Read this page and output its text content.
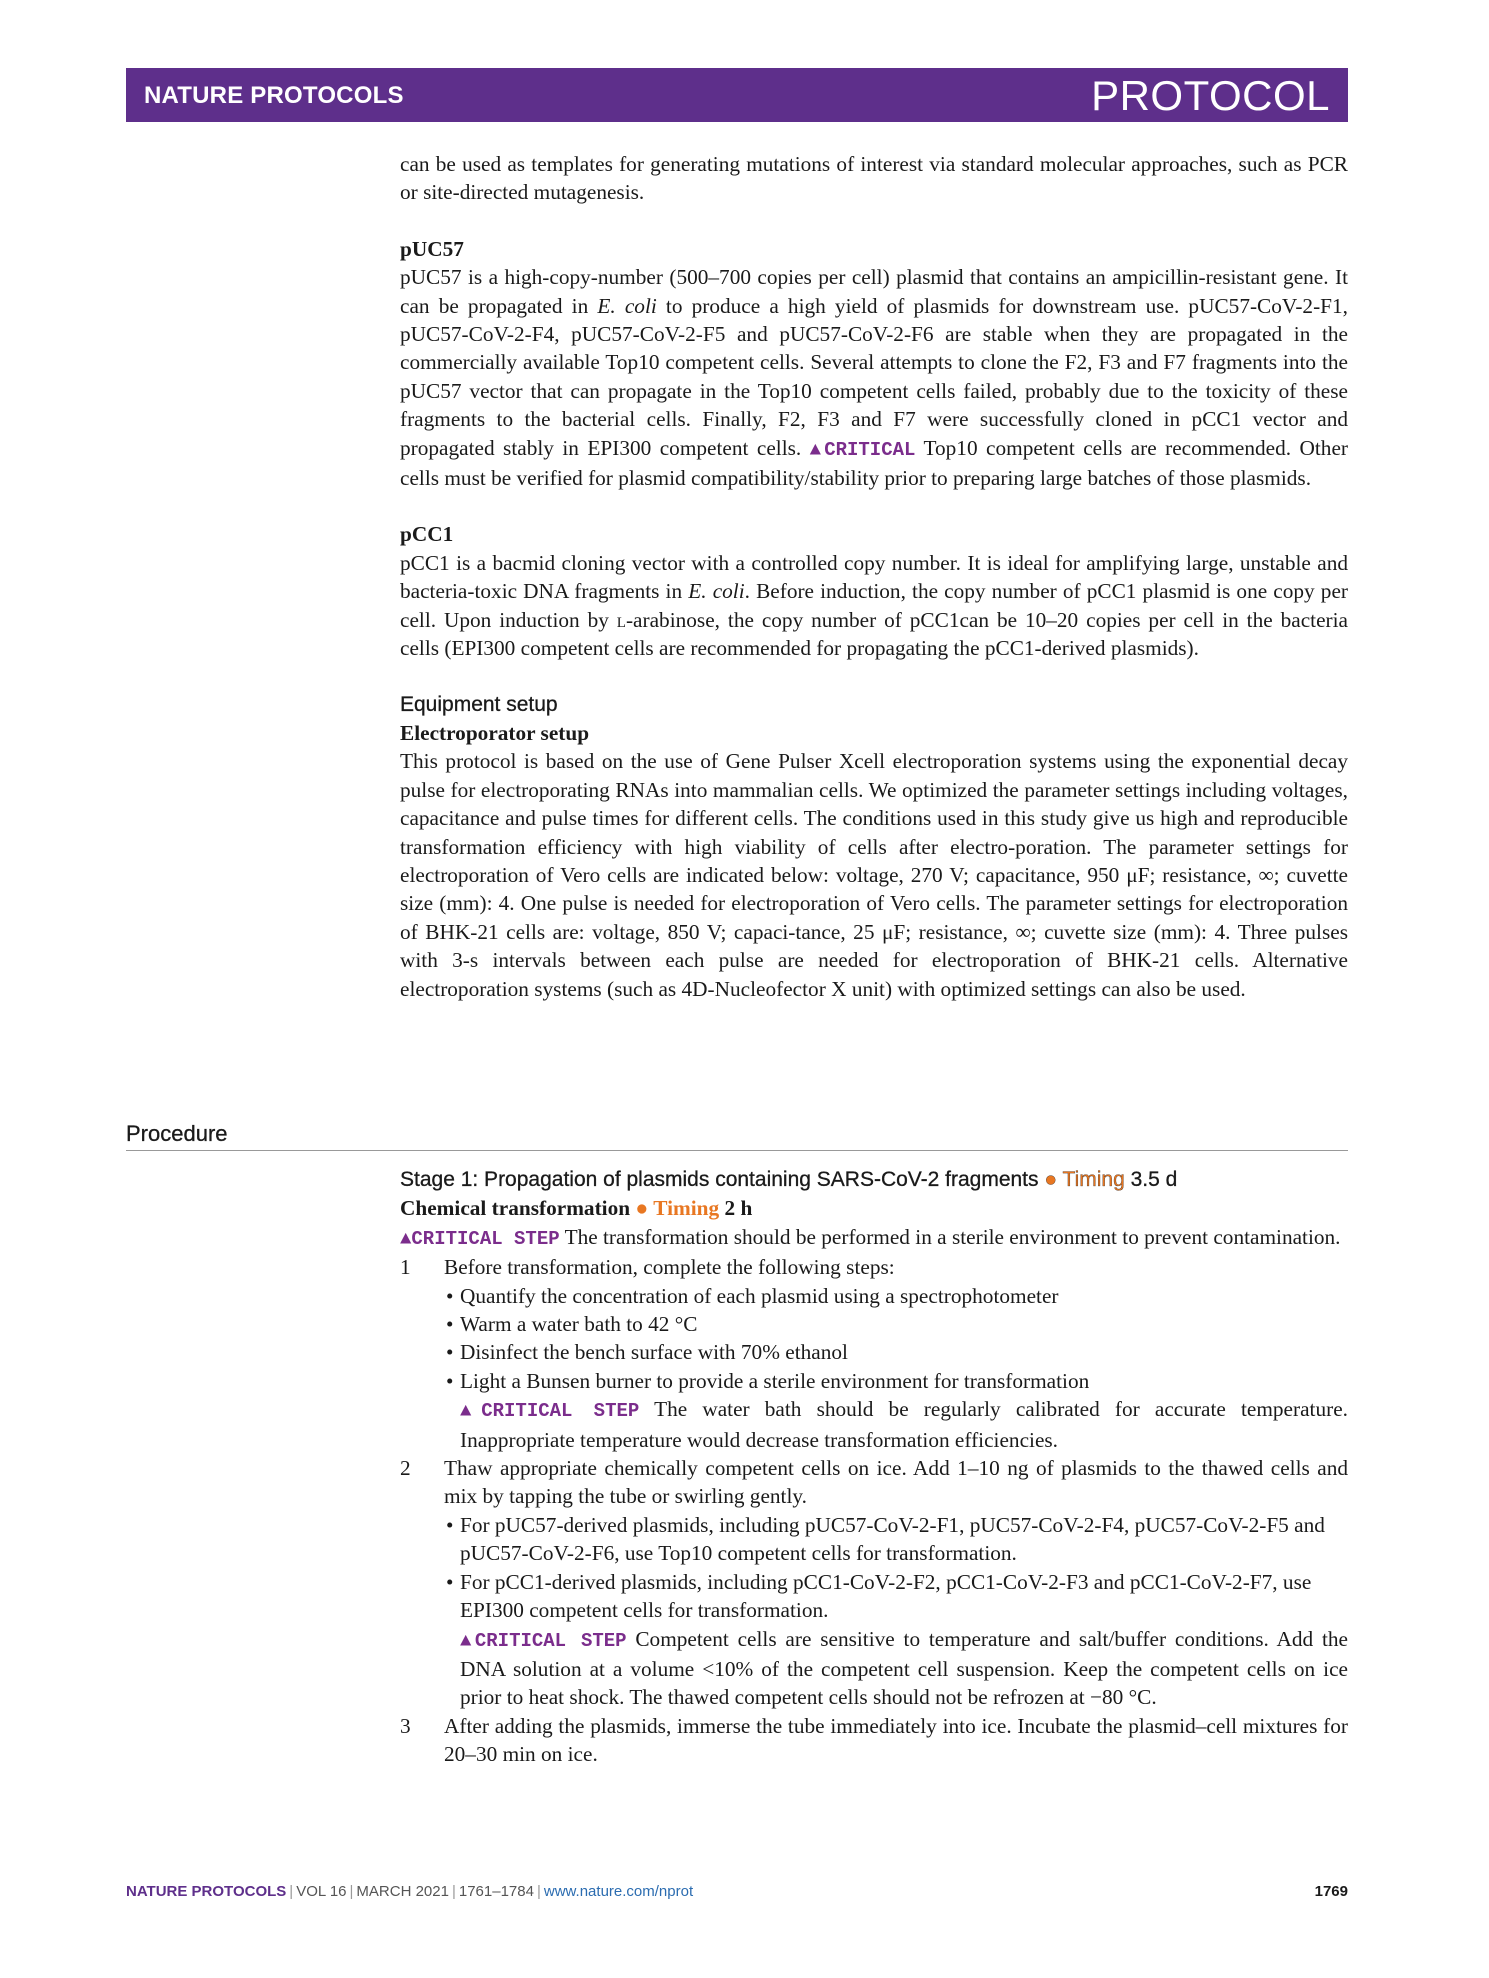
NATURE PROTOCOLS	PROTOCOL

can be used as templates for generating mutations of interest via standard molecular approaches, such as PCR or site-directed mutagenesis.

pUC57

pUC57 is a high-copy-number (500–700 copies per cell) plasmid that contains an ampicillin-resistant gene. It can be propagated in E. coli to produce a high yield of plasmids for downstream use. pUC57-CoV-2-F1, pUC57-CoV-2-F4, pUC57-CoV-2-F5 and pUC57-CoV-2-F6 are stable when they are propagated in the commercially available Top10 competent cells. Several attempts to clone the F2, F3 and F7 fragments into the pUC57 vector that can propagate in the Top10 competent cells failed, probably due to the toxicity of these fragments to the bacterial cells. Finally, F2, F3 and F7 were successfully cloned in pCC1 vector and propagated stably in EPI300 competent cells. ▲CRITICAL Top10 competent cells are recommended. Other cells must be verified for plasmid compatibility/stability prior to preparing large batches of those plasmids.

pCC1

pCC1 is a bacmid cloning vector with a controlled copy number. It is ideal for amplifying large, unstable and bacteria-toxic DNA fragments in E. coli. Before induction, the copy number of pCC1 plasmid is one copy per cell. Upon induction by l-arabinose, the copy number of pCC1can be 10–20 copies per cell in the bacteria cells (EPI300 competent cells are recommended for propagating the pCC1-derived plasmids).

Equipment setup

Electroporator setup

This protocol is based on the use of Gene Pulser Xcell electroporation systems using the exponential decay pulse for electroporating RNAs into mammalian cells. We optimized the parameter settings including voltages, capacitance and pulse times for different cells. The conditions used in this study give us high and reproducible transformation efficiency with high viability of cells after electro-poration. The parameter settings for electroporation of Vero cells are indicated below: voltage, 270 V; capacitance, 950 μF; resistance, ∞; cuvette size (mm): 4. One pulse is needed for electroporation of Vero cells. The parameter settings for electroporation of BHK-21 cells are: voltage, 850 V; capaci-tance, 25 μF; resistance, ∞; cuvette size (mm): 4. Three pulses with 3-s intervals between each pulse are needed for electroporation of BHK-21 cells. Alternative electroporation systems (such as 4D-Nucleofector X unit) with optimized settings can also be used.

Procedure

Stage 1: Propagation of plasmids containing SARS-CoV-2 fragments ● Timing 3.5 d

Chemical transformation ● Timing 2 h

▲CRITICAL STEP The transformation should be performed in a sterile environment to prevent contamination.

1 Before transformation, complete the following steps:

• Quantify the concentration of each plasmid using a spectrophotometer
• Warm a water bath to 42 °C
• Disinfect the bench surface with 70% ethanol
• Light a Bunsen burner to provide a sterile environment for transformation

▲CRITICAL STEP The water bath should be regularly calibrated for accurate temperature. Inappropriate temperature would decrease transformation efficiencies.

2 Thaw appropriate chemically competent cells on ice. Add 1–10 ng of plasmids to the thawed cells and mix by tapping the tube or swirling gently.

• For pUC57-derived plasmids, including pUC57-CoV-2-F1, pUC57-CoV-2-F4, pUC57-CoV-2-F5 and pUC57-CoV-2-F6, use Top10 competent cells for transformation.

• For pCC1-derived plasmids, including pCC1-CoV-2-F2, pCC1-CoV-2-F3 and pCC1-CoV-2-F7, use EPI300 competent cells for transformation.

▲CRITICAL STEP Competent cells are sensitive to temperature and salt/buffer conditions. Add the DNA solution at a volume <10% of the competent cell suspension. Keep the competent cells on ice prior to heat shock. The thawed competent cells should not be refrozen at −80 °C.

3 After adding the plasmids, immerse the tube immediately into ice. Incubate the plasmid–cell mixtures for 20–30 min on ice.

NATURE PROTOCOLS | VOL 16 | MARCH 2021 | 1761–1784 | www.nature.com/nprot	1769
